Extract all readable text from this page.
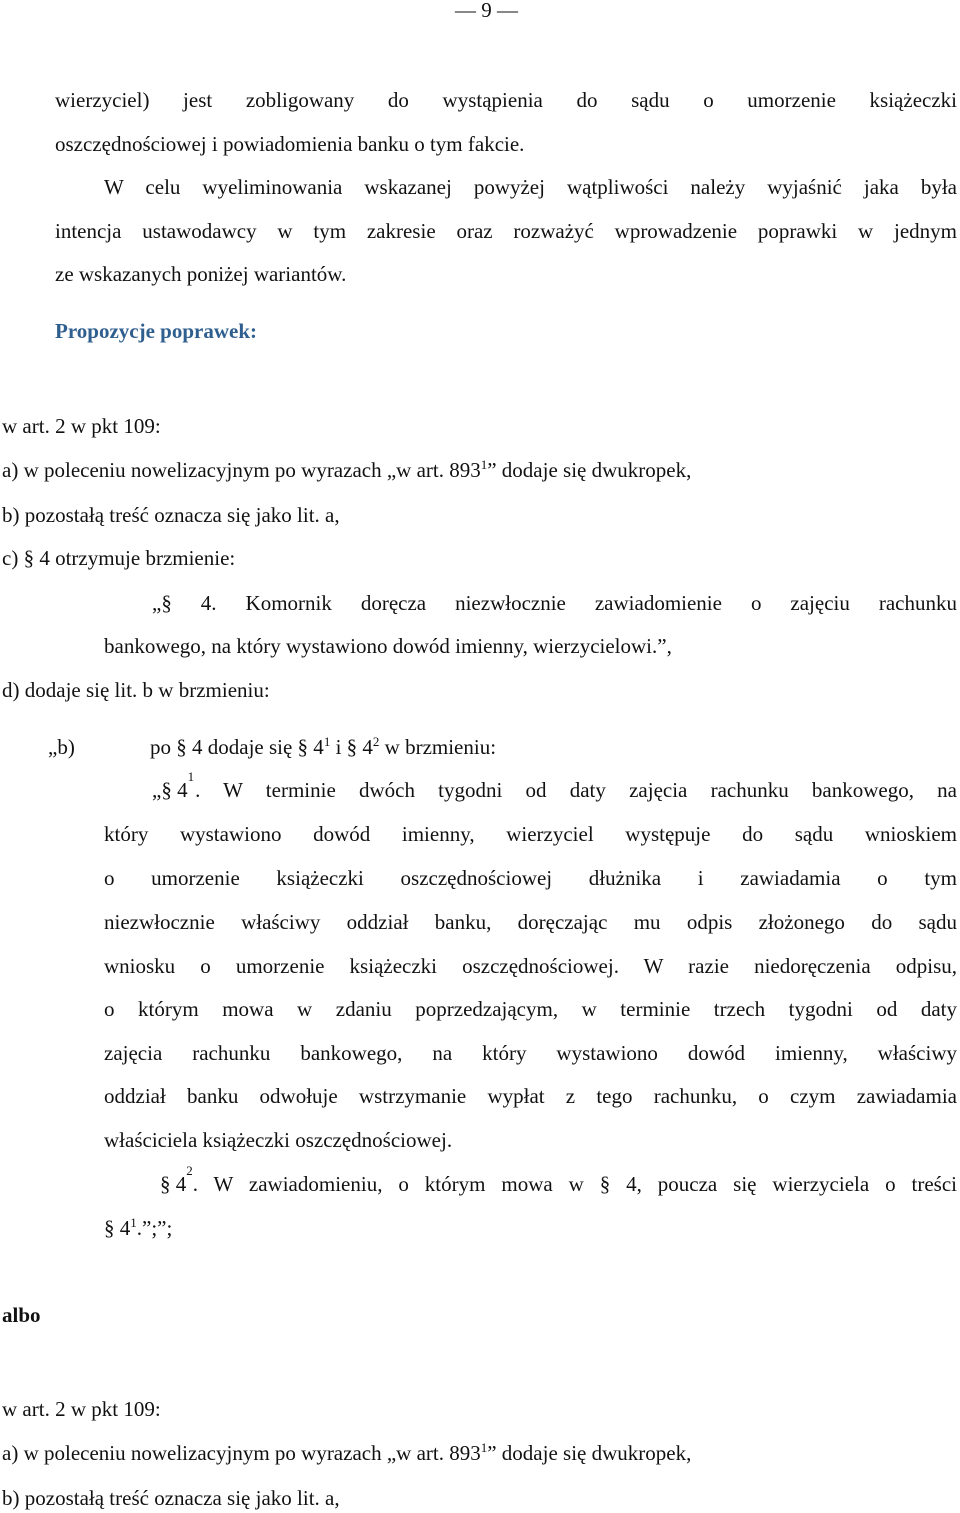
— 9 —
wierzyciel) jest zobligowany do wystąpienia do sądu o umorzenie książeczki
oszczędnościowej i powiadomienia banku o tym fakcie.
W celu wyeliminowania wskazanej powyżej wątpliwości należy wyjaśnić jaka była
intencja ustawodawcy w tym zakresie oraz rozważyć wprowadzenie poprawki w jednym
ze wskazanych poniżej wariantów.
Propozycje poprawek:
w art. 2 w pkt 109:
a) w poleceniu nowelizacyjnym po wyrazach „w art. $893^1$” dodaje się dwukropek,
b) pozostałą treść oznacza się jako lit. a,
c) § 4 otrzymuje brzmienie:
„§ 4. Komornik doręcza niezwłocznie zawiadomienie o zajęciu rachunku
bankowego, na który wystawiono dowód imienny, wierzycielowi.”,
d) dodaje się lit. b w brzmieniu:
„b)	po § 4 dodaje się § $4^1$ i § $4^2$ w brzmieniu:
„§ 4
1
. W terminie dwóch tygodni od daty zajęcia rachunku bankowego, na
który wystawiono dowód imienny, wierzyciel występuje do sądu wnioskiem
o umorzenie książeczki oszczędnościowej dłużnika i zawiadamia o tym
niezwłocznie właściwy oddział banku, doręczając mu odpis złożonego do sądu
wniosku o umorzenie książeczki oszczędnościowej. W razie niedoręczenia odpisu,
o którym mowa w zdaniu poprzedzającym, w terminie trzech tygodni od daty
zajęcia rachunku bankowego, na który wystawiono dowód imienny, właściwy
oddział banku odwołuje wstrzymanie wypłat z tego rachunku, o czym zawiadamia
właściciela książeczki oszczędnościowej.
§ 4
2
. W zawiadomieniu, o którym mowa w § 4, poucza się wierzyciela o treści
§ $4^1$.”;”;
albo
w art. 2 w pkt 109:
a) w poleceniu nowelizacyjnym po wyrazach „w art. $893^1$” dodaje się dwukropek,
b) pozostałą treść oznacza się jako lit. a,
